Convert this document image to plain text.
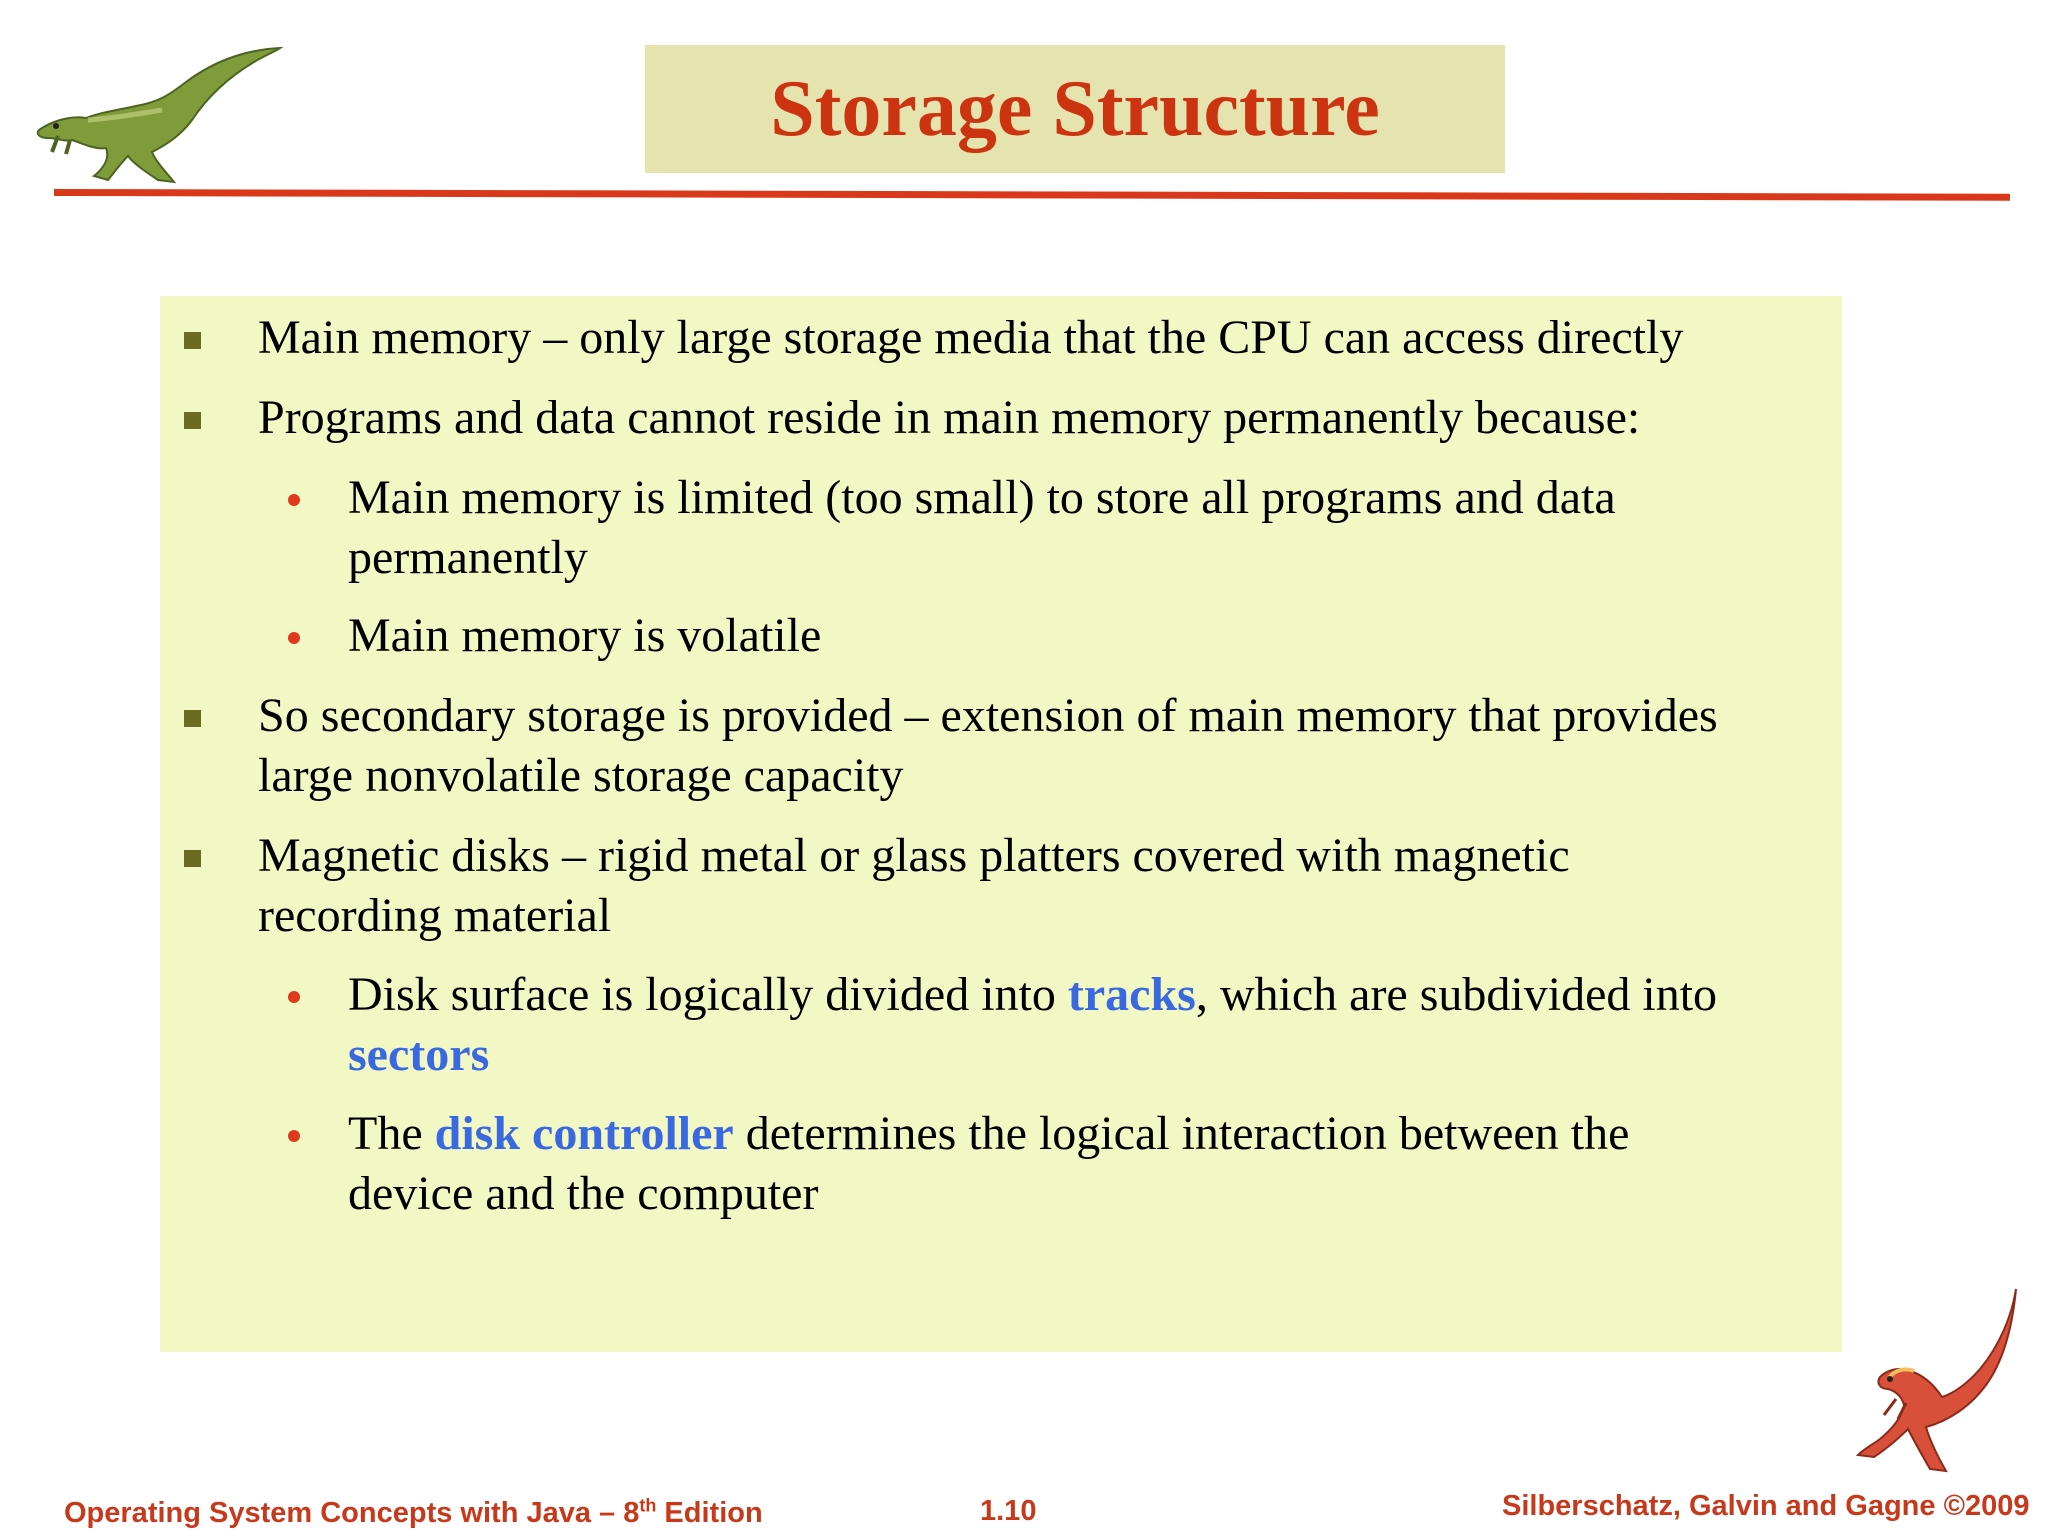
Storage Structure
Main memory – only large storage media that the CPU can access directly
Programs and data cannot reside in main memory permanently because:
Main memory is limited (too small) to store all programs and data
permanently
Main memory is volatile
So secondary storage is provided – extension of main memory that provides
large nonvolatile storage capacity
Magnetic disks – rigid metal or glass platters covered with magnetic
recording material
Disk surface is logically divided into tracks, which are subdivided into
sectors
The disk controller determines the logical interaction between the
device and the computer
Operating System Concepts with Java – 8th Edition	1.10	Silberschatz, Galvin and Gagne ©2009
